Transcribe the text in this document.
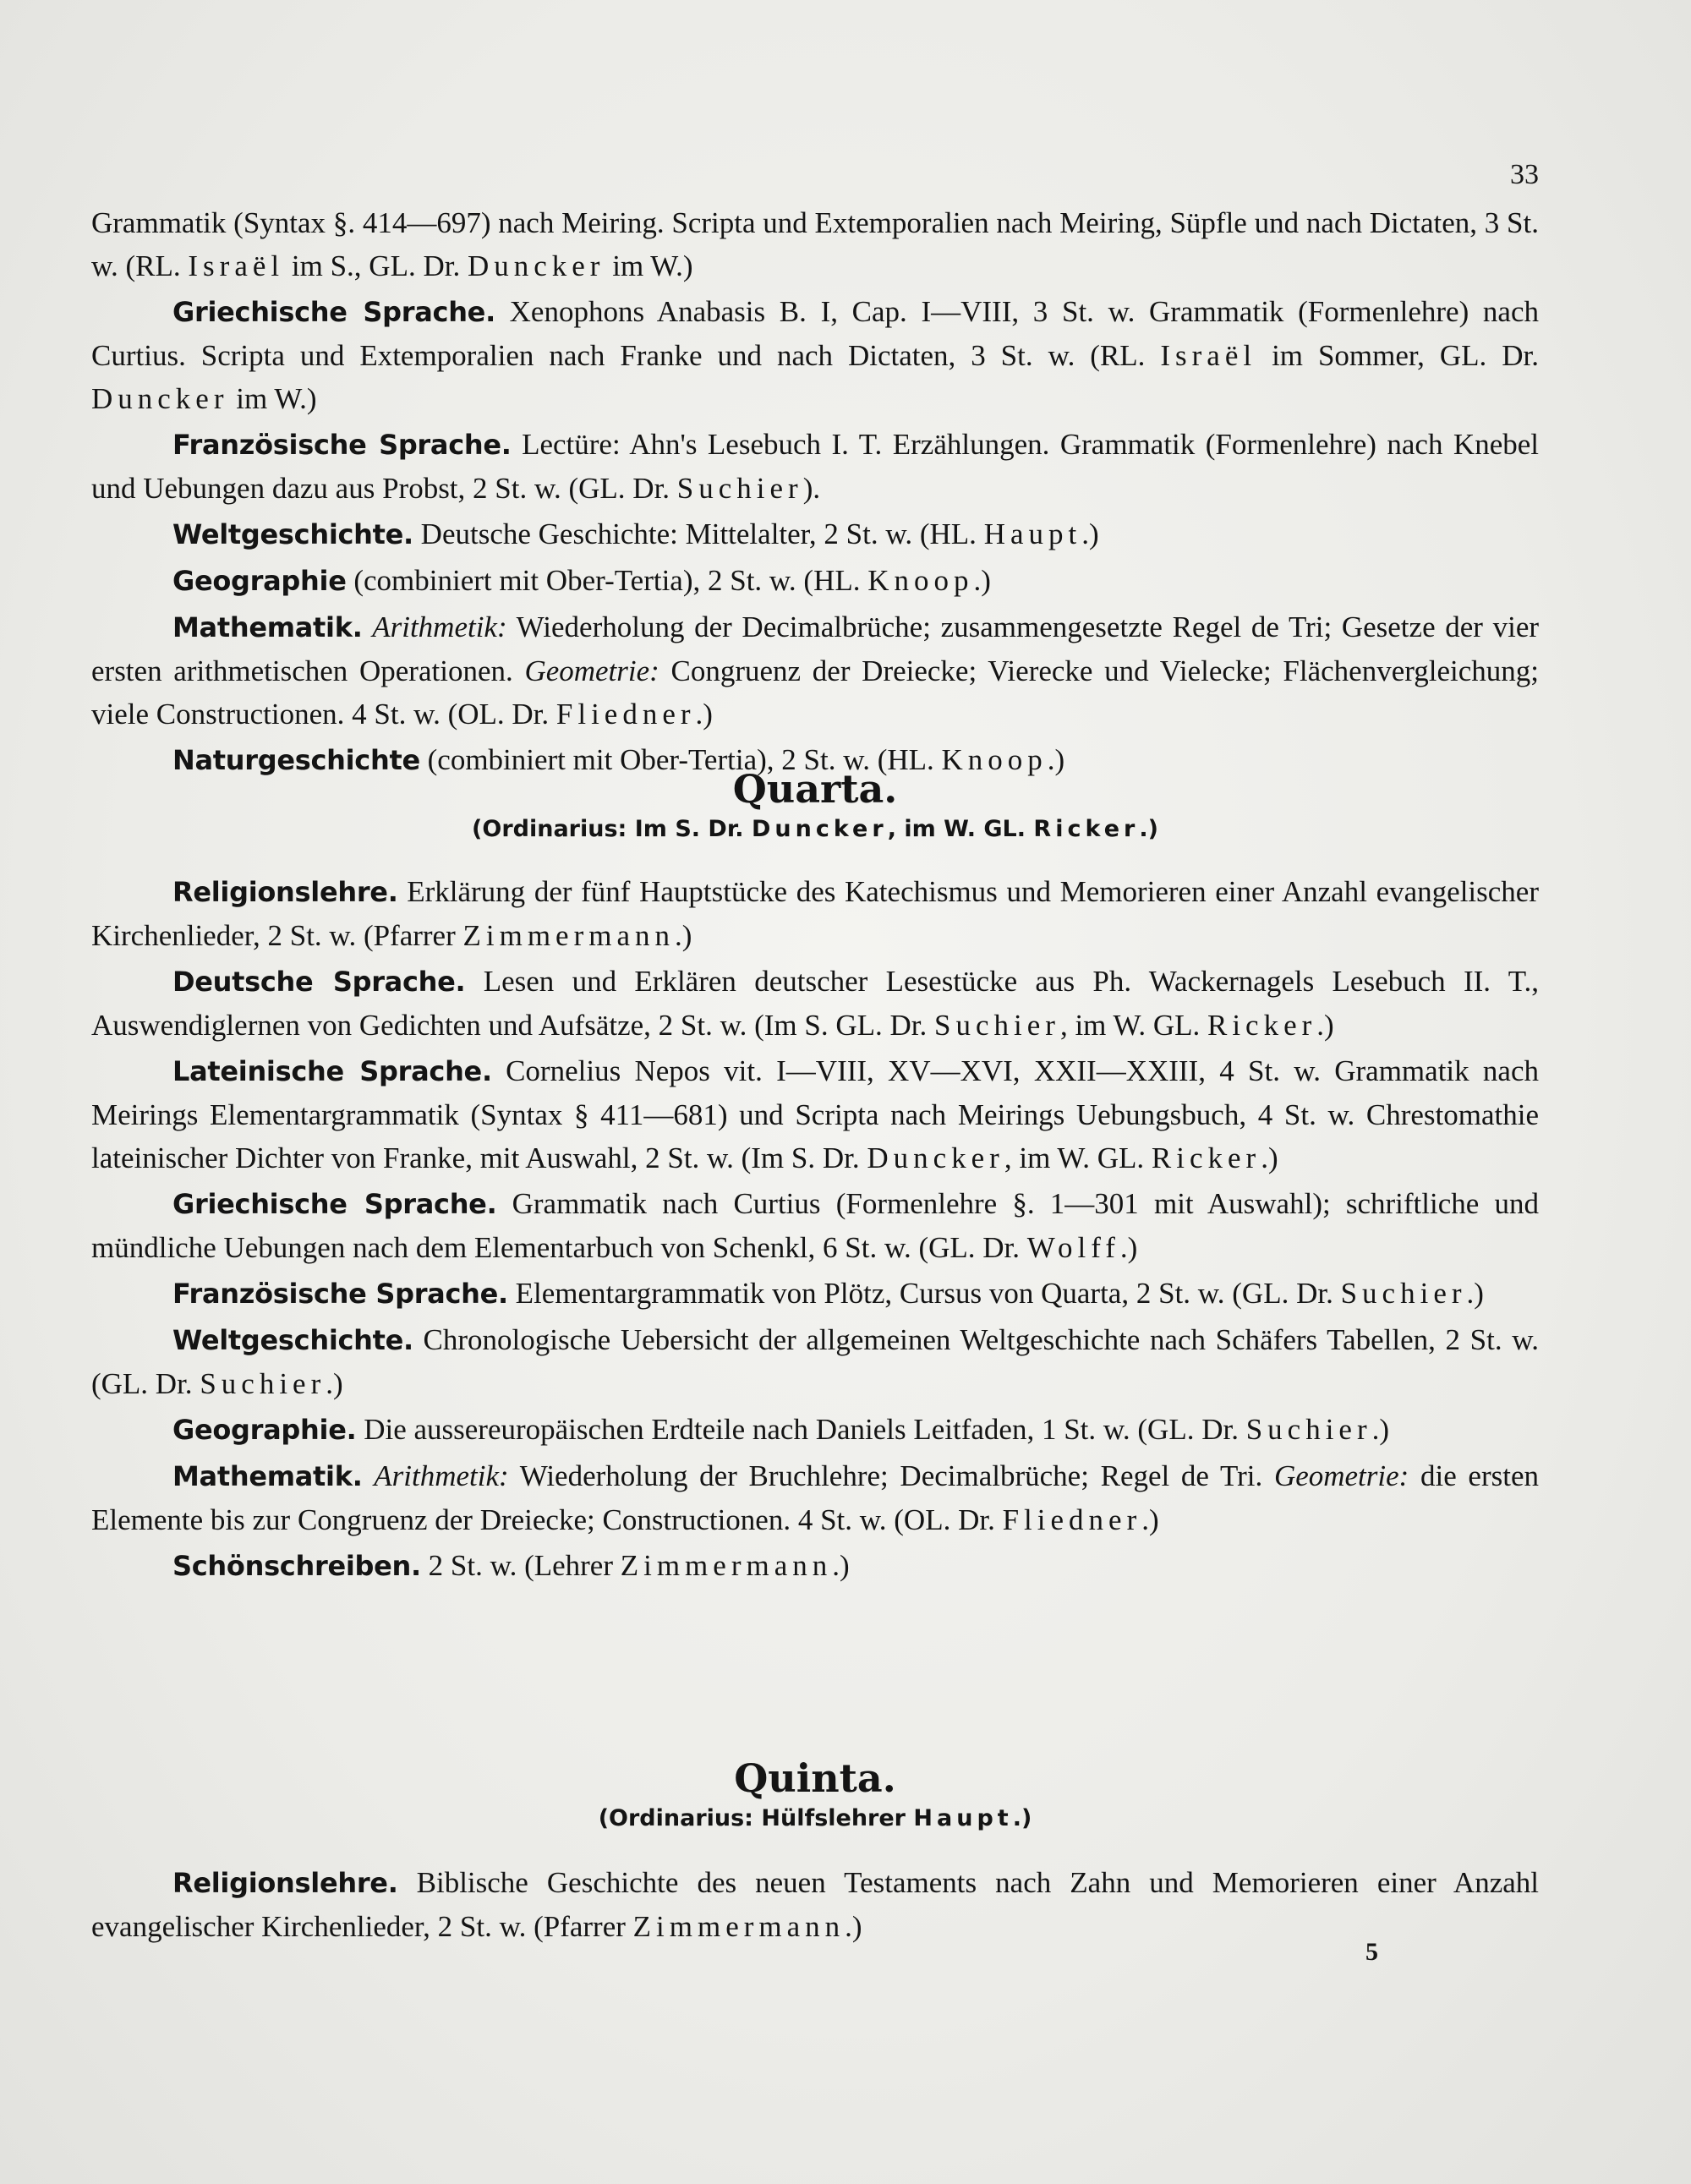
33

Grammatik (Syntax §. 414—697) nach Meiring. Scripta und Extemporalien nach Meiring, Süpfle und nach Dictaten, 3 St. w. (RL. Israël im S., GL. Dr. Duncker im W.)

Griechische Sprache. Xenophons Anabasis B. I, Cap. I—VIII, 3 St. w. Grammatik (Formenlehre) nach Curtius. Scripta und Extemporalien nach Franke und nach Dictaten, 3 St. w. (RL. Israël im Sommer, GL. Dr. Duncker im W.)

Französische Sprache. Lectüre: Ahn's Lesebuch I. T. Erzählungen. Grammatik (Formenlehre) nach Knebel und Uebungen dazu aus Probst, 2 St. w. (GL. Dr. Suchier).

Weltgeschichte. Deutsche Geschichte: Mittelalter, 2 St. w. (HL. Haupt.)

Geographie (combiniert mit Ober-Tertia), 2 St. w. (HL. Knoop.)

Mathematik. Arithmetik: Wiederholung der Decimalbrüche; zusammengesetzte Regel de Tri; Gesetze der vier ersten arithmetischen Operationen. Geometrie: Congruenz der Dreiecke; Vierecke und Vielecke; Flächenvergleichung; viele Constructionen. 4 St. w. (OL. Dr. Fliedner.)

Naturgeschichte (combiniert mit Ober-Tertia), 2 St. w. (HL. Knoop.)

Quarta.

(Ordinarius: Im S. Dr. Duncker, im W. GL. Ricker.)

Religionslehre. Erklärung der fünf Hauptstücke des Katechismus und Memorieren einer Anzahl evangelischer Kirchenlieder, 2 St. w. (Pfarrer Zimmermann.)

Deutsche Sprache. Lesen und Erklären deutscher Lesestücke aus Ph. Wackernagels Lesebuch II. T., Auswendiglernen von Gedichten und Aufsätze, 2 St. w. (Im S. GL. Dr. Suchier, im W. GL. Ricker.)

Lateinische Sprache. Cornelius Nepos vit. I—VIII, XV—XVI, XXII—XXIII, 4 St. w. Grammatik nach Meirings Elementargrammatik (Syntax § 411—681) und Scripta nach Meirings Uebungsbuch, 4 St. w. Chrestomathie lateinischer Dichter von Franke, mit Auswahl, 2 St. w. (Im S. Dr. Duncker, im W. GL. Ricker.)

Griechische Sprache. Grammatik nach Curtius (Formenlehre §. 1—301 mit Auswahl); schriftliche und mündliche Uebungen nach dem Elementarbuch von Schenkl, 6 St. w. (GL. Dr. Wolff.)

Französische Sprache. Elementargrammatik von Plötz, Cursus von Quarta, 2 St. w. (GL. Dr. Suchier.)

Weltgeschichte. Chronologische Uebersicht der allgemeinen Weltgeschichte nach Schäfers Tabellen, 2 St. w. (GL. Dr. Suchier.)

Geographie. Die aussereuropäischen Erdteile nach Daniels Leitfaden, 1 St. w. (GL. Dr. Suchier.)

Mathematik. Arithmetik: Wiederholung der Bruchlehre; Decimalbrüche; Regel de Tri. Geometrie: die ersten Elemente bis zur Congruenz der Dreiecke; Constructionen. 4 St. w. (OL. Dr. Fliedner.)

Schönschreiben. 2 St. w. (Lehrer Zimmermann.)

Quinta.

(Ordinarius: Hülfslehrer Haupt.)

Religionslehre. Biblische Geschichte des neuen Testaments nach Zahn und Memorieren einer Anzahl evangelischer Kirchenlieder, 2 St. w. (Pfarrer Zimmermann.)

5
